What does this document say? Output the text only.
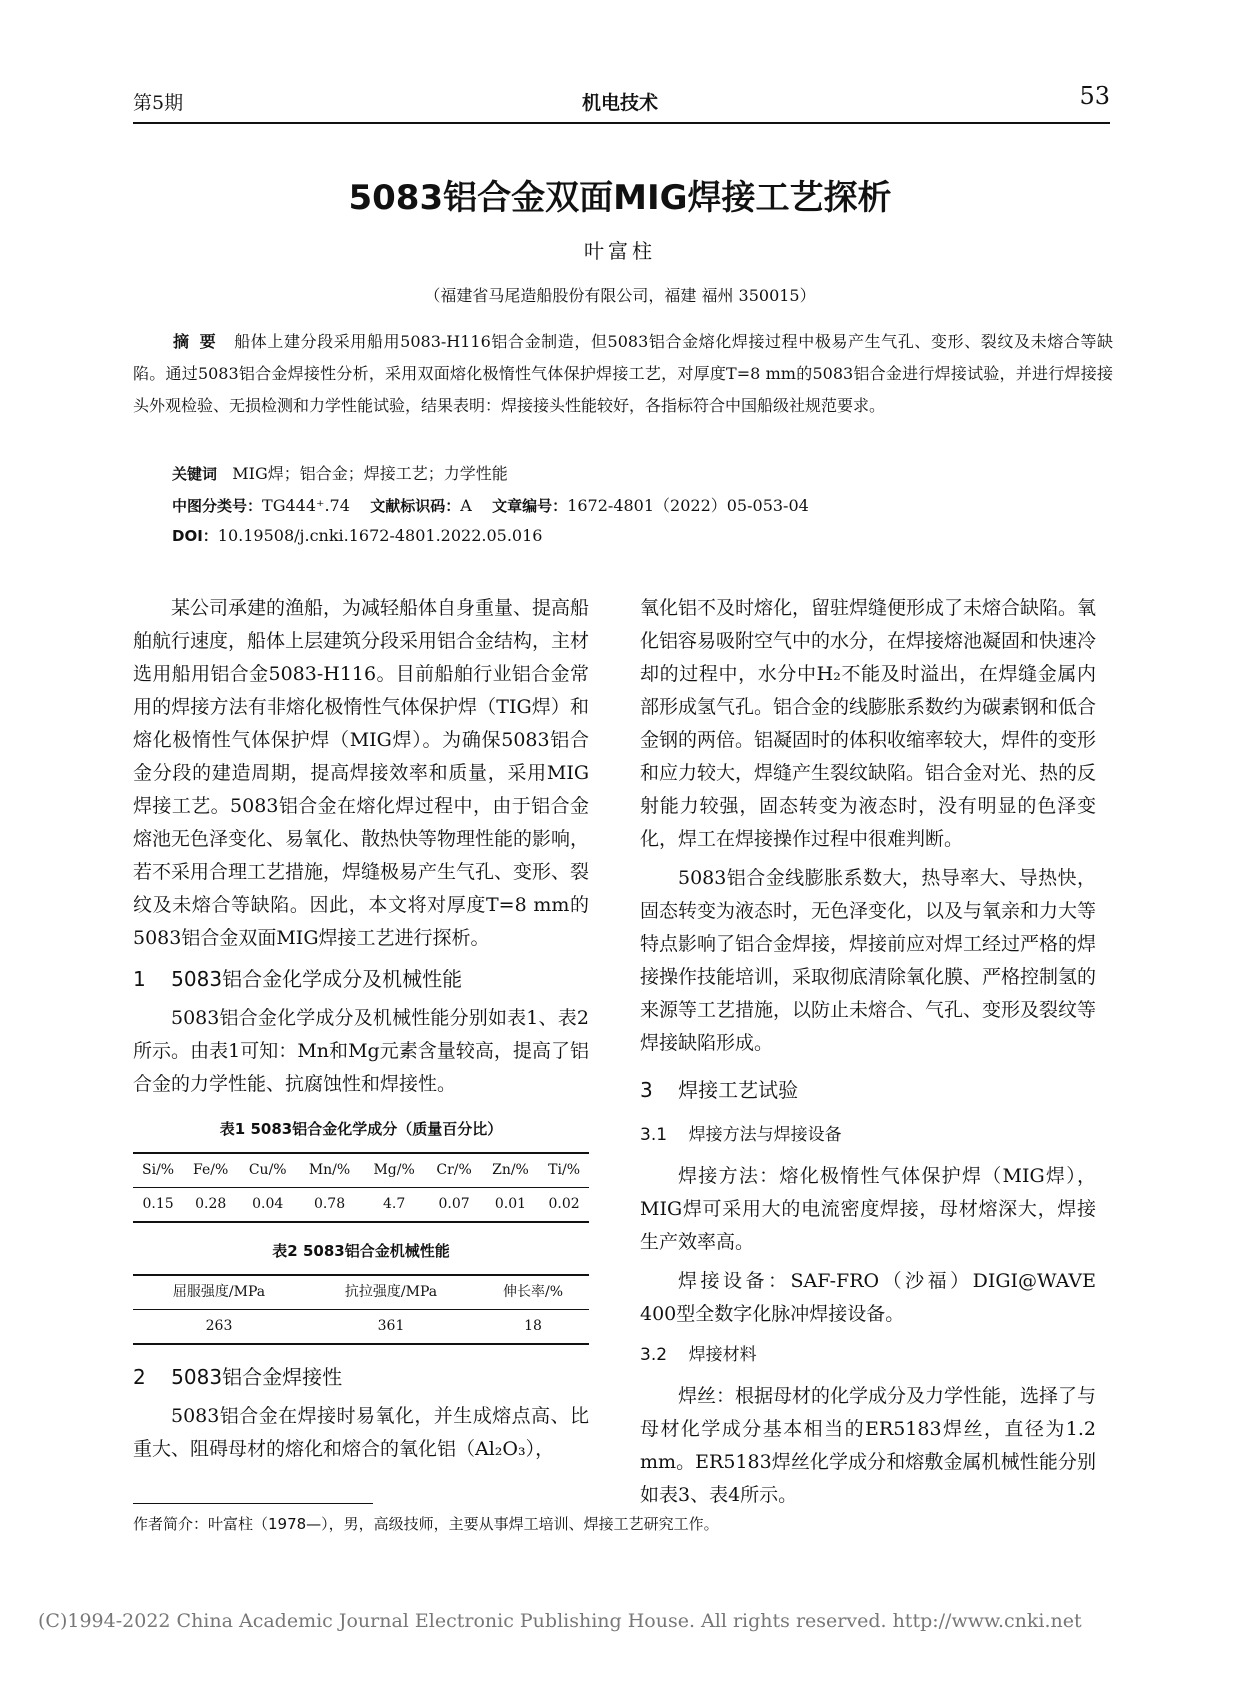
第5期	机电技术	53
5083铝合金双面MIG焊接工艺探析
叶富柱
（福建省马尾造船股份有限公司，福建 福州 350015）
摘要 船体上建分段采用船用5083-H116铝合金制造，但5083铝合金熔化焊接过程中极易产生气孔、变形、裂纹及未熔合等缺陷。通过5083铝合金焊接性分析，采用双面熔化极惰性气体保护焊接工艺，对厚度T=8 mm的5083铝合金进行焊接试验，并进行焊接接头外观检验、无损检测和力学性能试验，结果表明：焊接接头性能较好，各指标符合中国船级社规范要求。
关键词 MIG焊；铝合金；焊接工艺；力学性能
中图分类号：TG444⁺.74 文献标识码：A 文章编号：1672-4801（2022）05-053-04
DOI：10.19508/j.cnki.1672-4801.2022.05.016

某公司承建的渔船，为减轻船体自身重量、提高船舶航行速度，船体上层建筑分段采用铝合金结构，主材选用船用铝合金5083-H116。目前船舶行业铝合金常用的焊接方法有非熔化极惰性气体保护焊（TIG焊）和熔化极惰性气体保护焊（MIG焊）。为确保5083铝合金分段的建造周期，提高焊接效率和质量，采用MIG焊接工艺。5083铝合金在熔化焊过程中，由于铝合金熔池无色泽变化、易氧化、散热快等物理性能的影响，若不采用合理工艺措施，焊缝极易产生气孔、变形、裂纹及未熔合等缺陷。因此，本文将对厚度T=8 mm的5083铝合金双面MIG焊接工艺进行探析。

1 5083铝合金化学成分及机械性能

5083铝合金化学成分及机械性能分别如表1、表2所示。由表1可知：Mn和Mg元素含量较高，提高了铝合金的力学性能、抗腐蚀性和焊接性。

表1 5083铝合金化学成分（质量百分比）
Si/%	Fe/%	Cu/%	Mn/%	Mg/%	Cr/%	Zn/%	Ti/%
0.15	0.28	0.04	0.78	4.7	0.07	0.01	0.02
表2 5083铝合金机械性能
屈服强度/MPa	抗拉强度/MPa	伸长率/%
263	361	18
2 5083铝合金焊接性

5083铝合金在焊接时易氧化，并生成熔点高、比重大、阻碍母材的熔化和熔合的氧化铝（Al₂O₃），

氧化铝不及时熔化，留驻焊缝便形成了未熔合缺陷。氧化铝容易吸附空气中的水分，在焊接熔池凝固和快速冷却的过程中，水分中H₂不能及时溢出，在焊缝金属内部形成氢气孔。铝合金的线膨胀系数约为碳素钢和低合金钢的两倍。铝凝固时的体积收缩率较大，焊件的变形和应力较大，焊缝产生裂纹缺陷。铝合金对光、热的反射能力较强，固态转变为液态时，没有明显的色泽变化，焊工在焊接操作过程中很难判断。

5083铝合金线膨胀系数大，热导率大、导热快，固态转变为液态时，无色泽变化，以及与氧亲和力大等特点影响了铝合金焊接，焊接前应对焊工经过严格的焊接操作技能培训，采取彻底清除氧化膜、严格控制氢的来源等工艺措施，以防止未熔合、气孔、变形及裂纹等焊接缺陷形成。

3 焊接工艺试验
3.1 焊接方法与焊接设备

焊接方法：熔化极惰性气体保护焊（MIG焊），MIG焊可采用大的电流密度焊接，母材熔深大，焊接生产效率高。

焊接设备：SAF-FRO（沙福）DIGI@WAVE 400型全数字化脉冲焊接设备。

3.2 焊接材料

焊丝：根据母材的化学成分及力学性能，选择了与母材化学成分基本相当的ER5183焊丝，直径为1.2 mm。ER5183焊丝化学成分和熔敷金属机械性能分别如表3、表4所示。

作者简介：叶富柱（1978—），男，高级技师，主要从事焊工培训、焊接工艺研究工作。
(C)1994-2022 China Academic Journal Electronic Publishing House. All rights reserved. http://www.cnki.net
